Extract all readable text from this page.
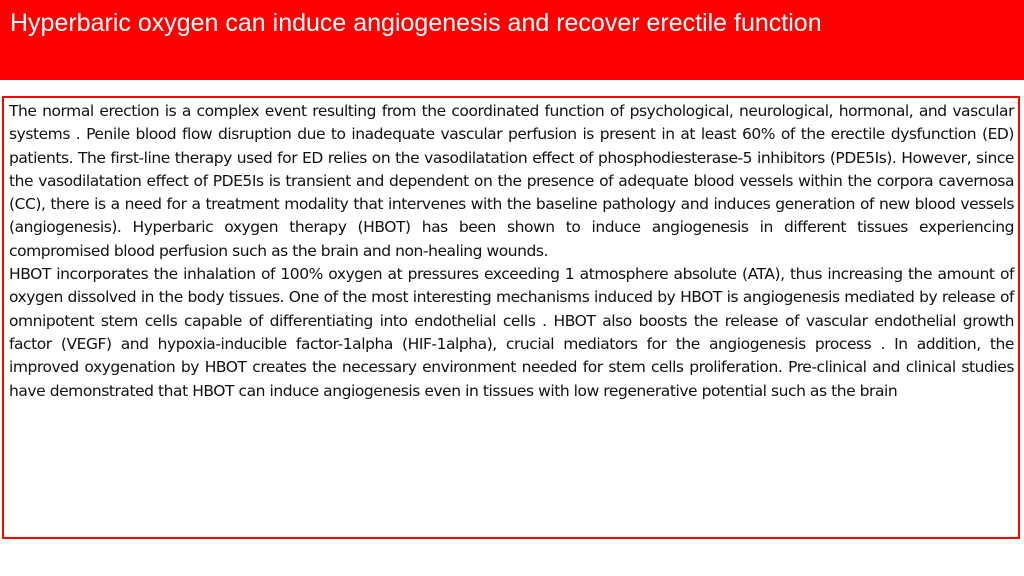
Hyperbaric oxygen can induce angiogenesis and recover erectile function

The normal erection is a complex event resulting from the coordinated function of psychological, neurological, hormonal, and vascular systems . Penile blood flow disruption due to inadequate vascular perfusion is present in at least 60% of the erectile dysfunction (ED) patients. The first-line therapy used for ED relies on the vasodilatation effect of phosphodiesterase-5 inhibitors (PDE5Is). However, since the vasodilatation effect of PDE5Is is transient and dependent on the presence of adequate blood vessels within the corpora cavernosa (CC), there is a need for a treatment modality that intervenes with the baseline pathology and induces generation of new blood vessels (angiogenesis). Hyperbaric oxygen therapy (HBOT) has been shown to induce angiogenesis in different tissues experiencing compromised blood perfusion such as the brain and non-healing wounds.

HBOT incorporates the inhalation of 100% oxygen at pressures exceeding 1 atmosphere absolute (ATA), thus increasing the amount of oxygen dissolved in the body tissues. One of the most interesting mechanisms induced by HBOT is angiogenesis mediated by release of omnipotent stem cells capable of differentiating into endothelial cells . HBOT also boosts the release of vascular endothelial growth factor (VEGF) and hypoxia-inducible factor-1alpha (HIF-1alpha), crucial mediators for the angiogenesis process . In addition, the improved oxygenation by HBOT creates the necessary environment needed for stem cells proliferation. Pre-clinical and clinical studies have demonstrated that HBOT can induce angiogenesis even in tissues with low regenerative potential such as the brain
